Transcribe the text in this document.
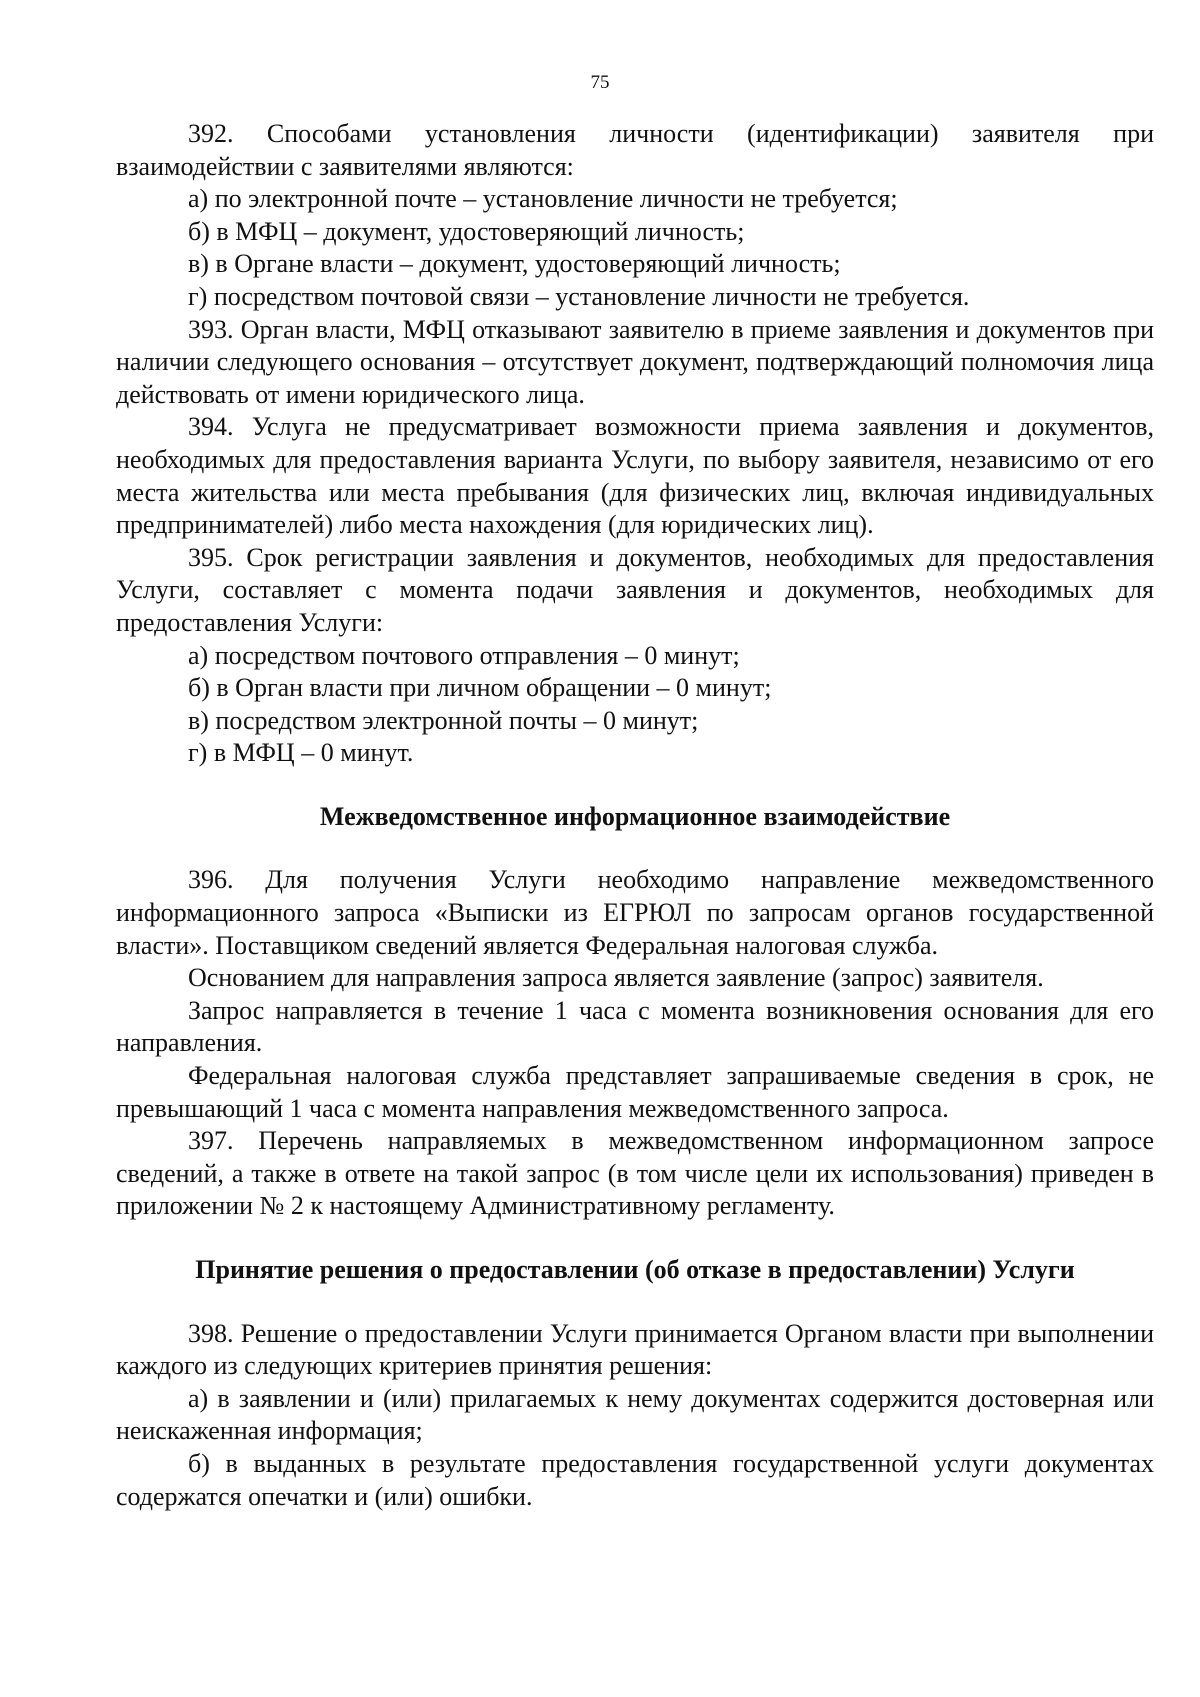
75

392. Способами установления личности (идентификации) заявителя при взаимодействии с заявителями являются:

а) по электронной почте – установление личности не требуется;

б) в МФЦ – документ, удостоверяющий личность;

в) в Органе власти – документ, удостоверяющий личность;

г) посредством почтовой связи – установление личности не требуется.

393. Орган власти, МФЦ отказывают заявителю в приеме заявления и документов при наличии следующего основания – отсутствует документ, подтверждающий полномочия лица действовать от имени юридического лица.

394. Услуга не предусматривает возможности приема заявления и документов, необходимых для предоставления варианта Услуги, по выбору заявителя, независимо от его места жительства или места пребывания (для физических лиц, включая индивидуальных предпринимателей) либо места нахождения (для юридических лиц).

395. Срок регистрации заявления и документов, необходимых для предоставления Услуги, составляет с момента подачи заявления и документов, необходимых для предоставления Услуги:

а) посредством почтового отправления – 0 минут;

б) в Орган власти при личном обращении – 0 минут;

в) посредством электронной почты – 0 минут;

г) в МФЦ – 0 минут.

Межведомственное информационное взаимодействие

396. Для получения Услуги необходимо направление межведомственного информационного запроса «Выписки из ЕГРЮЛ по запросам органов государственной власти». Поставщиком сведений является Федеральная налоговая служба.

Основанием для направления запроса является заявление (запрос) заявителя.

Запрос направляется в течение 1 часа с момента возникновения основания для его направления.

Федеральная налоговая служба представляет запрашиваемые сведения в срок, не превышающий 1 часа с момента направления межведомственного запроса.

397. Перечень направляемых в межведомственном информационном запросе сведений, а также в ответе на такой запрос (в том числе цели их использования) приведен в приложении № 2 к настоящему Административному регламенту.

Принятие решения о предоставлении (об отказе в предоставлении) Услуги

398. Решение о предоставлении Услуги принимается Органом власти при выполнении каждого из следующих критериев принятия решения:

а) в заявлении и (или) прилагаемых к нему документах содержится достоверная или неискаженная информация;

б) в выданных в результате предоставления государственной услуги документах содержатся опечатки и (или) ошибки.
